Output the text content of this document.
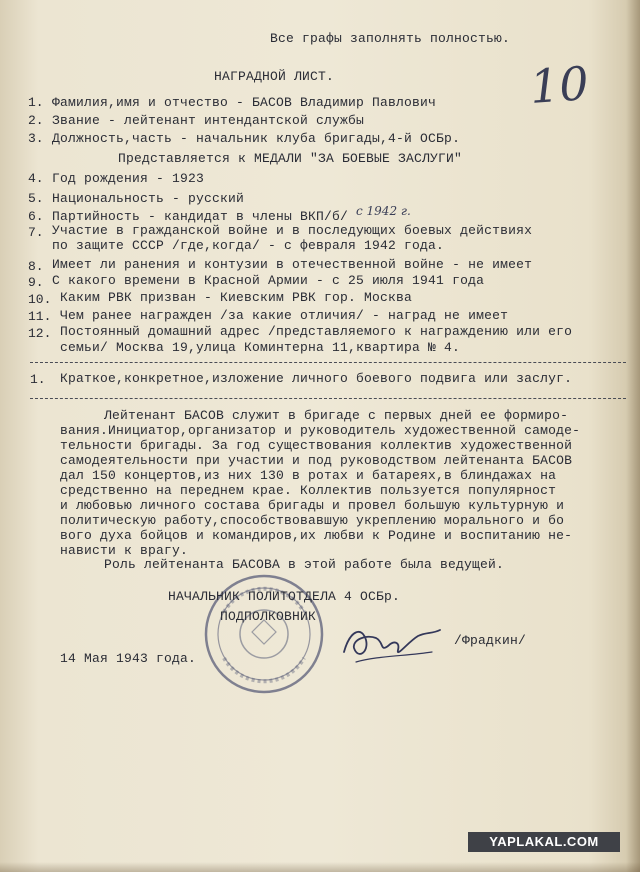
Все графы заполнять полностью.
10
НАГРАДНОЙ ЛИСТ.
1. Фамилия,имя и отчество - БАСОВ Владимир Павлович
2. Звание - лейтенант интендантской службы
3. Должность,часть - начальник клуба бригады,4-й ОСБр.
Представляется к МЕДАЛИ "ЗА БОЕВЫЕ ЗАСЛУГИ"
4. Год рождения - 1923
5. Национальность - русский
6. Партийность - кандидат в члены ВКП/б/ с 1942 г.
7. Участие в гражданской войне и в последующих боевых действиях
по защите СССР /где,когда/ - с февраля 1942 года.
8. Имеет ли ранения и контузии в отечественной войне - не имеет
9. С какого времени в Красной Армии - с 25 июля 1941 года
10. Каким РВК призван - Киевским РВК гор. Москва
11. Чем ранее награжден /за какие отличия/ - наград не имеет
12. Постоянный домашний адрес /представляемого к награждению или его
семьи/ Москва 19,улица Коминтерна 11,квартира № 4.
1. Краткое,конкретное,изложение личного боевого подвига или заслуг.
Лейтенант БАСОВ служит в бригаде с первых дней ее формиро-
вания.Инициатор,организатор и руководитель художественной самоде-
тельности бригады. За год существования коллектив художественной
самодеятельности при участии и под руководством лейтенанта БАСОВ
дал 150 концертов,из них 130 в ротах и батареях,в блиндажах на
средственно на переднем крае. Коллектив пользуется популярност
и любовью личного состава бригады и провел большую культурную и
политическую работу,способствовавшую укреплению морального и бо
вого духа бойцов и командиров,их любви к Родине и воспитанию не-
нависти к врагу.
Роль лейтенанта БАСОВА в этой работе была ведущей.
НАЧАЛЬНИК ПОЛИТОТДЕЛА 4 ОСБр.
ПОДПОЛКОВНИК
/Фрадкин/
14 Мая 1943 года.
YAPLAKAL.COM
